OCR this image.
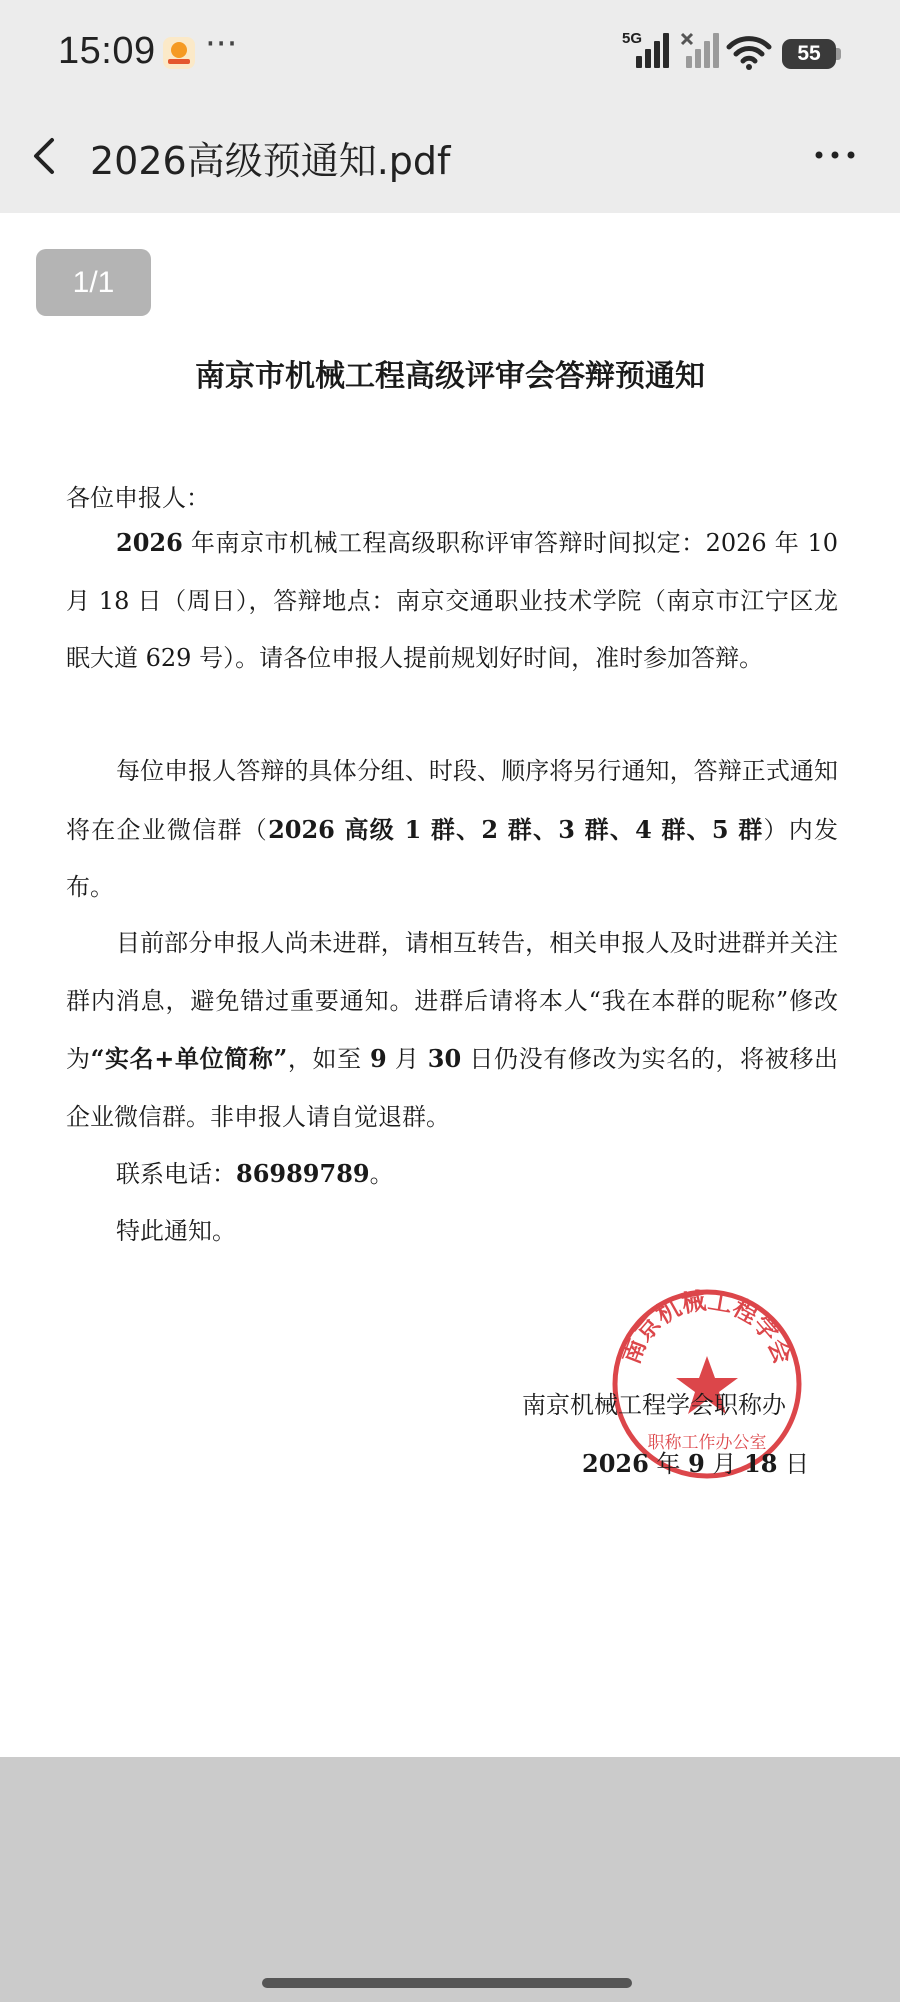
15:09 ···	5G
55
2026高级预通知.pdf
南京市机械工程高级评审会答辩预通知
各位申报人：
2026 年南京市机械工程高级职称评审答辩时间拟定：2026 年 10 月 18 日（周日），答辩地点：南京交通职业技术学院（南京市江宁区龙眠大道 629 号）。请各位申报人提前规划好时间，准时参加答辩。
每位申报人答辩的具体分组、时段、顺序将另行通知，答辩正式通知将在企业微信群（2026 高级 1 群、2 群、3 群、4 群、5 群）内发布。
目前部分申报人尚未进群，请相互转告，相关申报人及时进群并关注群内消息，避免错过重要通知。进群后请将本人“我在本群的昵称”修改为“实名+单位简称”，如至 9 月 30 日仍没有修改为实名的，将被移出企业微信群。非申报人请自觉退群。
联系电话：86989789。
特此通知。
南京机械工程学会
职称工作办公室
南京机械工程学会职称办
2026 年 9 月 18 日
1/1
